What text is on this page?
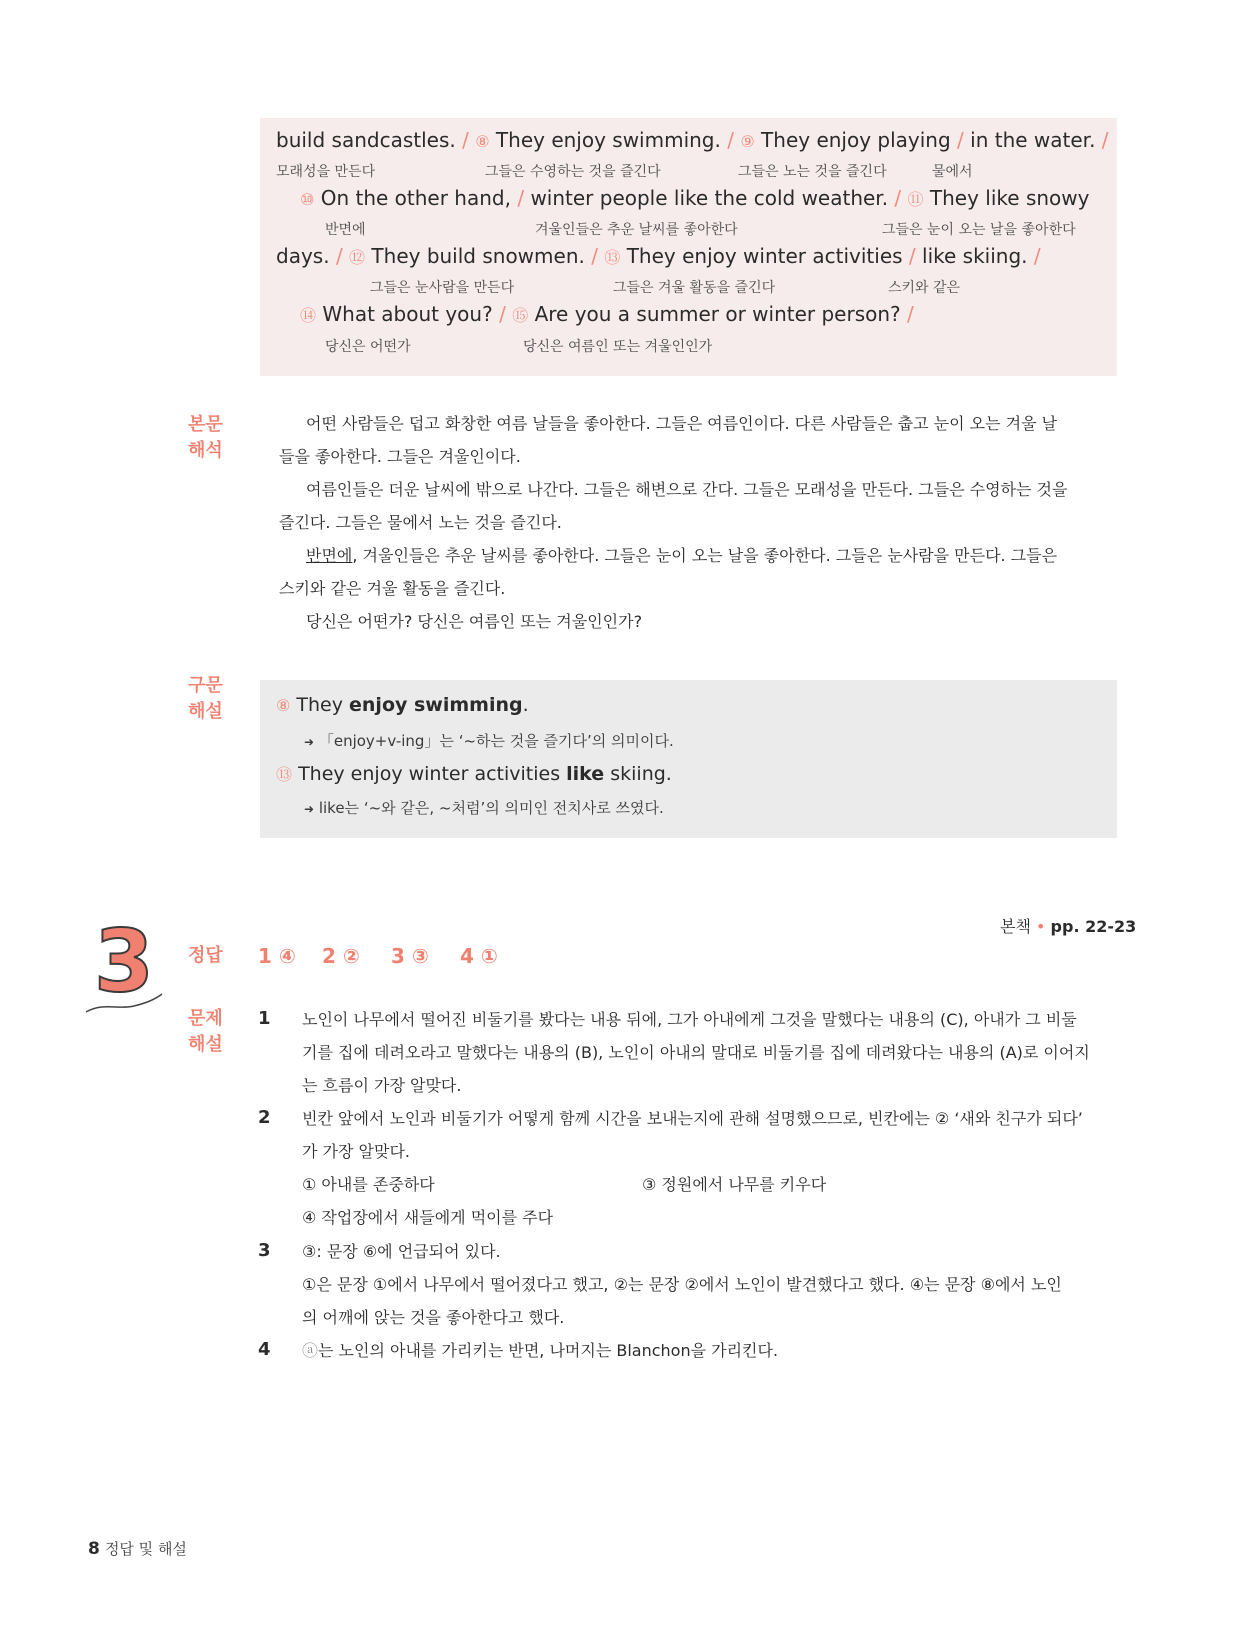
build sandcastles. / ⑧ They enjoy swimming. / ⑨ They enjoy playing / in the water. /
모래성을 만든다	그들은 수영하는 것을 즐긴다	그들은 노는 것을 즐긴다	물에서
⑩ On the other hand, / winter people like the cold weather. / ⑪ They like snowy
반면에	겨울인들은 추운 날씨를 좋아한다	그들은 눈이 오는 날을 좋아한다
days. / ⑫ They build snowmen. / ⑬ They enjoy winter activities / like skiing. /
그들은 눈사람을 만든다	그들은 겨울 활동을 즐긴다	스키와 같은
⑭ What about you? / ⑮ Are you a summer or winter person? /
당신은 어떤가	당신은 여름인 또는 겨울인인가
본문
해석
어떤 사람들은 덥고 화창한 여름 날들을 좋아한다. 그들은 여름인이다. 다른 사람들은 춥고 눈이 오는 겨울 날
들을 좋아한다. 그들은 겨울인이다.
여름인들은 더운 날씨에 밖으로 나간다. 그들은 해변으로 간다. 그들은 모래성을 만든다. 그들은 수영하는 것을
즐긴다. 그들은 물에서 노는 것을 즐긴다.
반면에, 겨울인들은 추운 날씨를 좋아한다. 그들은 눈이 오는 날을 좋아한다. 그들은 눈사람을 만든다. 그들은
스키와 같은 겨울 활동을 즐긴다.
당신은 어떤가? 당신은 여름인 또는 겨울인인가?
구문
해설	⑧ They enjoy swimming.
➜ 「enjoy+v-ing」는 ‘~하는 것을 즐기다’의 의미이다.
⑬ They enjoy winter activities like skiing.
➜ like는 ‘~와 같은, ~처럼’의 의미인 전치사로 쓰였다.
본책 • pp. 22-23
3 정답 1 ④ 2 ② 3 ③ 4 ①
문제
해설
1 노인이 나무에서 떨어진 비둘기를 봤다는 내용 뒤에, 그가 아내에게 그것을 말했다는 내용의 (C), 아내가 그 비둘
기를 집에 데려오라고 말했다는 내용의 (B), 노인이 아내의 말대로 비둘기를 집에 데려왔다는 내용의 (A)로 이어지
는 흐름이 가장 알맞다.
2 빈칸 앞에서 노인과 비둘기가 어떻게 함께 시간을 보내는지에 관해 설명했으므로, 빈칸에는 ② ‘새와 친구가 되다’
가 가장 알맞다.
① 아내를 존중하다	③ 정원에서 나무를 키우다
④ 작업장에서 새들에게 먹이를 주다
3 ③: 문장 ⑥에 언급되어 있다.
①은 문장 ①에서 나무에서 떨어졌다고 했고, ②는 문장 ②에서 노인이 발견했다고 했다. ④는 문장 ⑧에서 노인
의 어깨에 앉는 것을 좋아한다고 했다.
4 ⓐ는 노인의 아내를 가리키는 반면, 나머지는 Blanchon을 가리킨다.
8 정답 및 해설
